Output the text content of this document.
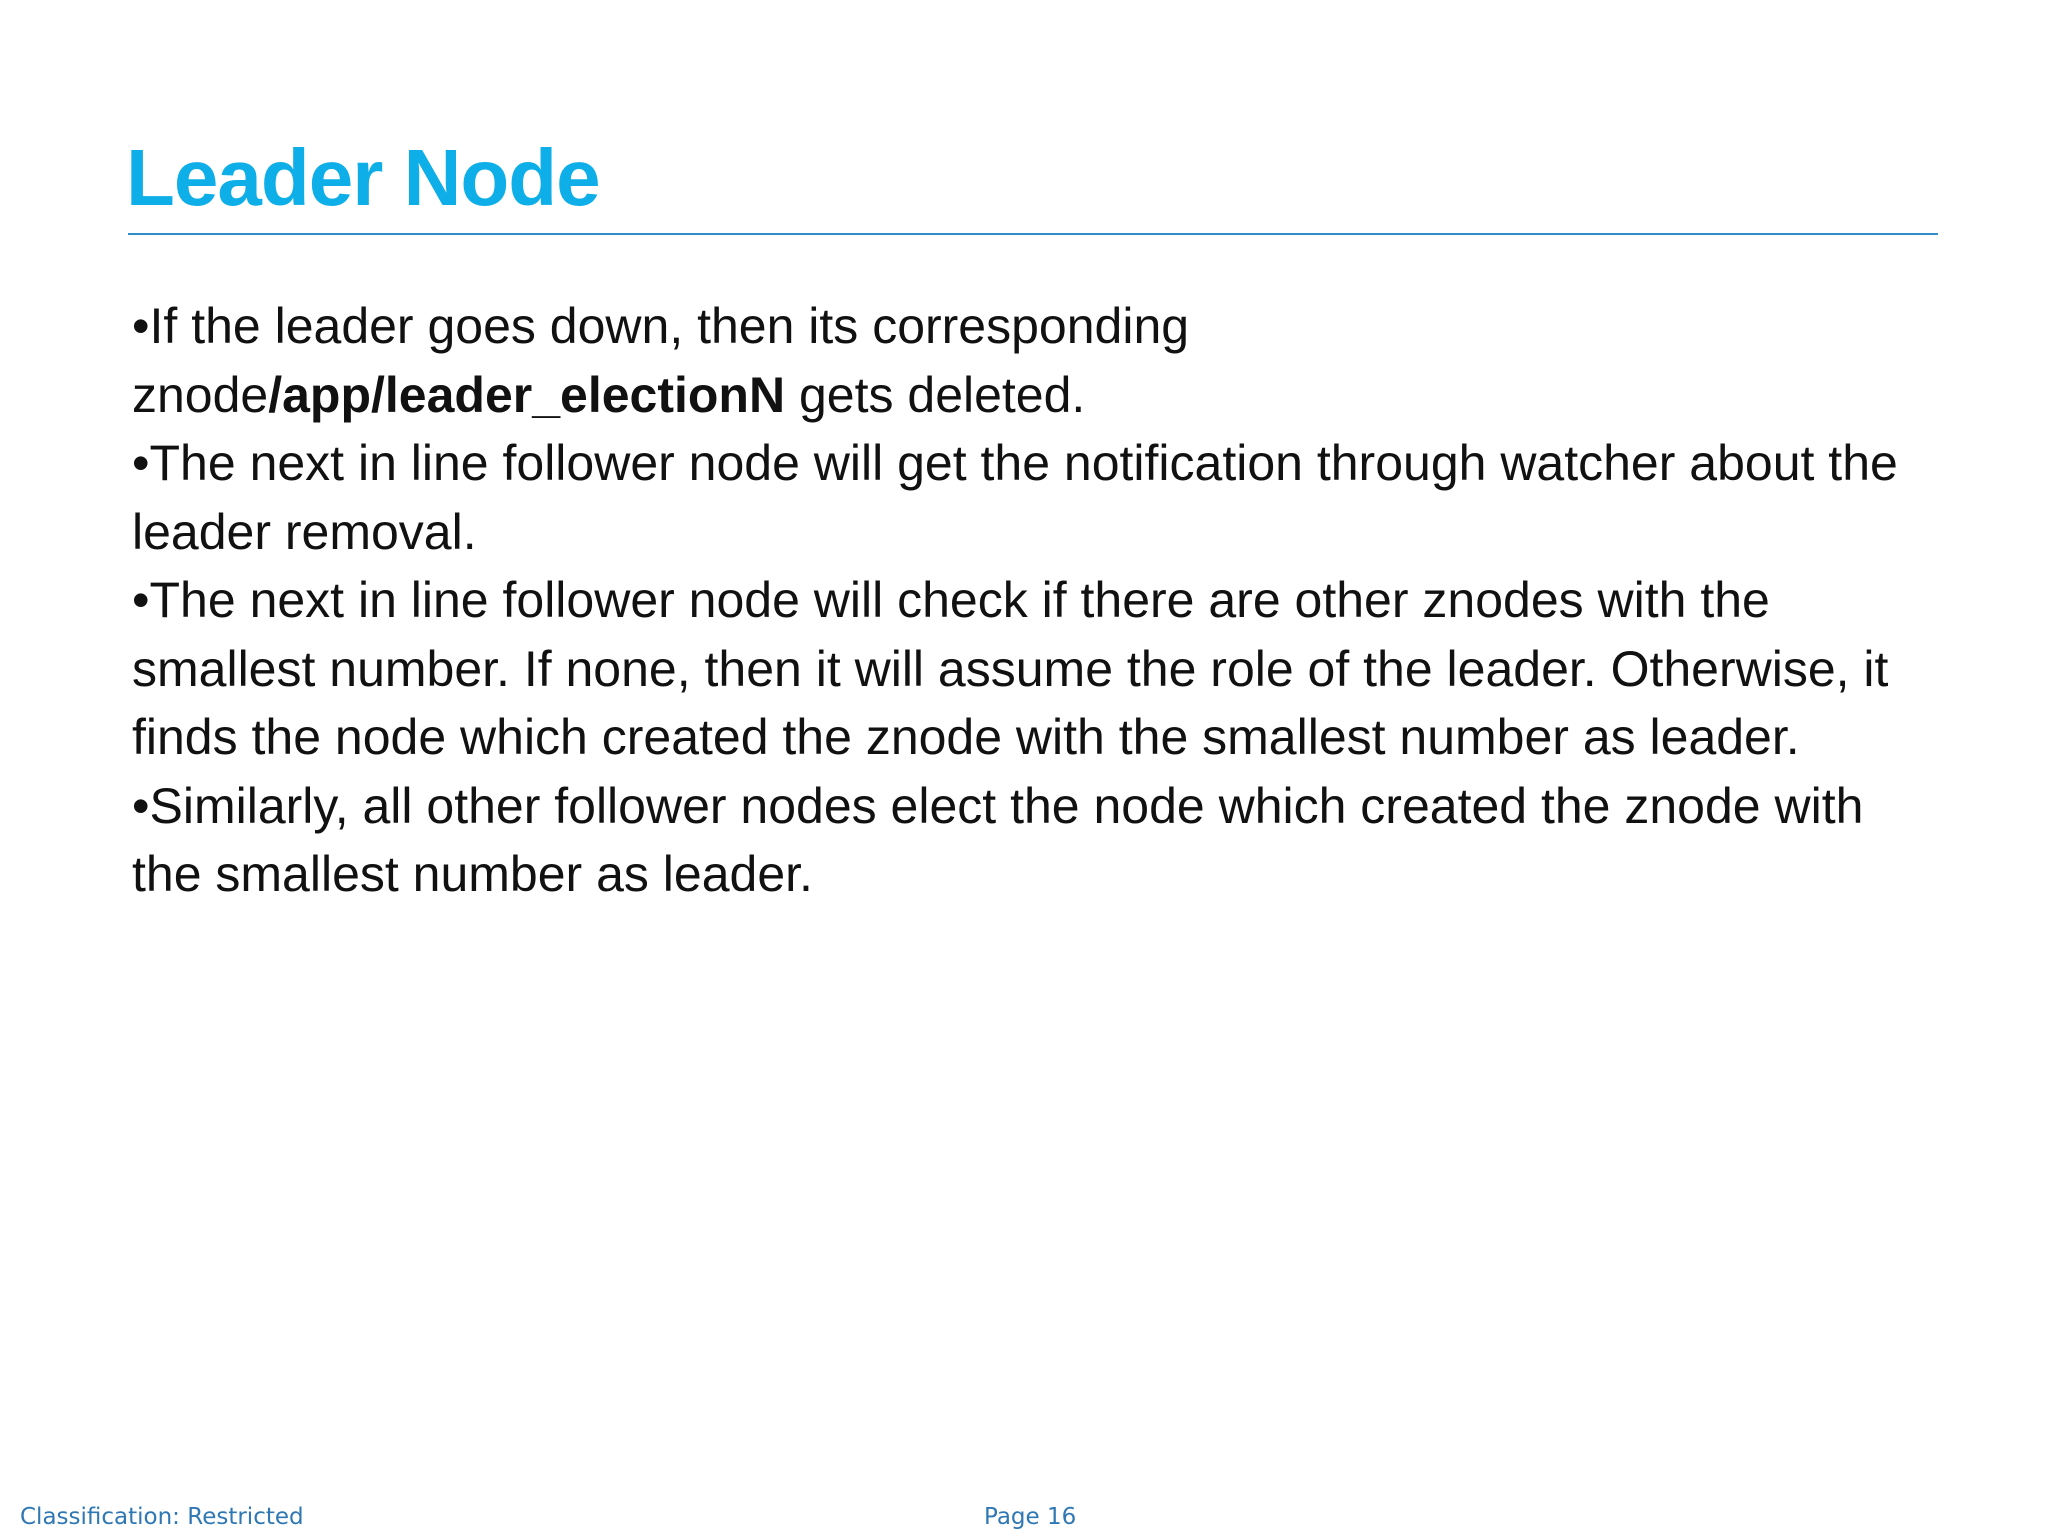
Leader Node

•If the leader goes down, then its corresponding
znode/app/leader_electionN gets deleted.

•The next in line follower node will get the notification through watcher about the leader removal.

•The next in line follower node will check if there are other znodes with the smallest number. If none, then it will assume the role of the leader. Otherwise, it finds the node which created the znode with the smallest number as leader.

•Similarly, all other follower nodes elect the node which created the znode with the smallest number as leader.

Classification: Restricted	Page 16
